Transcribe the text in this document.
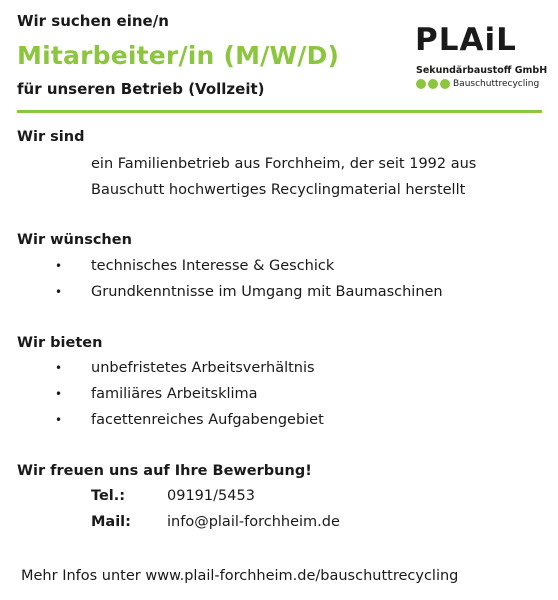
Wir suchen eine/n
Mitarbeiter/in (M/W/D)
für unseren Betrieb (Vollzeit)
PLAiL
Sekundärbaustoff GmbH
Bauschuttrecycling
Wir sind
ein Familienbetrieb aus Forchheim, der seit 1992 aus
Bauschutt hochwertiges Recyclingmaterial herstellt
Wir wünschen
•	technisches Interesse & Geschick
•	Grundkenntnisse im Umgang mit Baumaschinen
Wir bieten
•	unbefristetes Arbeitsverhältnis
•	familiäres Arbeitsklima
•	facettenreiches Aufgabengebiet
Wir freuen uns auf Ihre Bewerbung!
Tel.:	09191/5453
Mail:	info@plail-forchheim.de
Mehr Infos unter www.plail-forchheim.de/bauschuttrecycling
